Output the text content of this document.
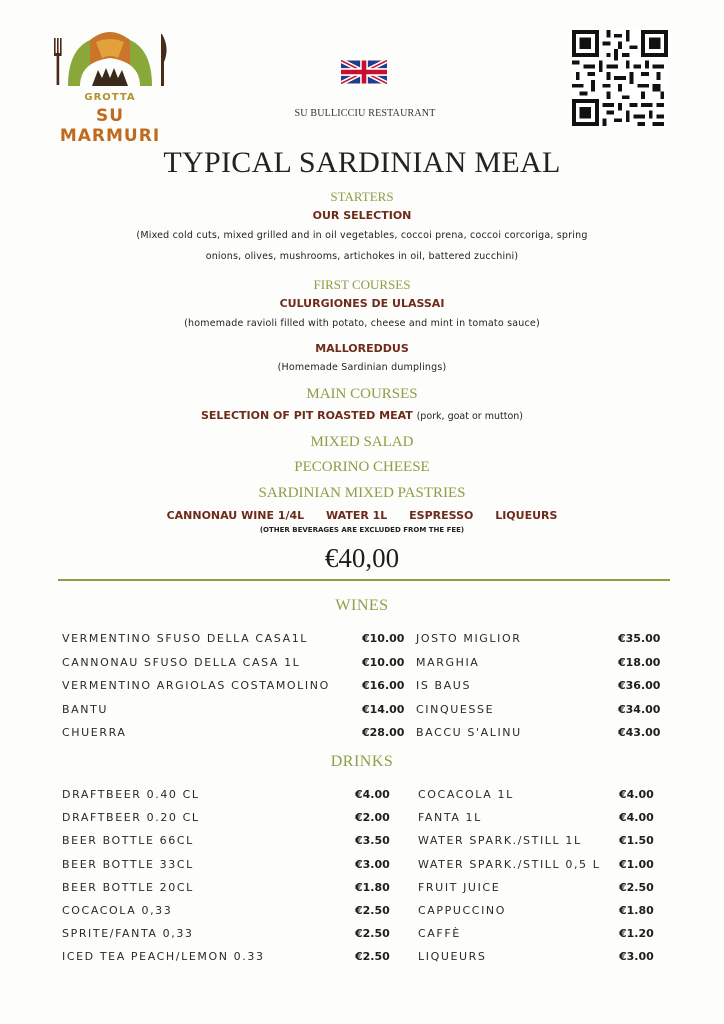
GROTTA
SU MARMURI
SU BULLICCIU RESTAURANT
TYPICAL SARDINIAN MEAL
STARTERS
OUR SELECTION
(Mixed cold cuts, mixed grilled and in oil vegetables, coccoi prena, coccoi corcoriga, spring
onions, olives, mushrooms, artichokes in oil, battered zucchini)
FIRST COURSES
CULURGIONES DE ULASSAI
(homemade ravioli filled with potato, cheese and mint in tomato sauce)
MALLOREDDUS
(Homemade Sardinian dumplings)
MAIN COURSES
SELECTION OF PIT ROASTED MEAT (pork, goat or mutton)
MIXED SALAD
PECORINO CHEESE
SARDINIAN MIXED PASTRIES
CANNONAU WINE 1/4L WATER 1L ESPRESSO LIQUEURS
(OTHER BEVERAGES ARE EXCLUDED FROM THE FEE)
€40,00
WINES
DRINKS
VERMENTINO SFUSO DELLA CASA1L	€10.00
CANNONAU SFUSO DELLA CASA 1L	€10.00
VERMENTINO ARGIOLAS COSTAMOLINO	€16.00
BANTU	€14.00
CHUERRA	€28.00
JOSTO MIGLIOR	€35.00
MARGHIA	€18.00
IS BAUS	€36.00
CINQUESSE	€34.00
BACCU S'ALINU	€43.00
DRAFTBEER 0.40 CL	€4.00
DRAFTBEER 0.20 CL	€2.00
BEER BOTTLE 66CL	€3.50
BEER BOTTLE 33CL	€3.00
BEER BOTTLE 20CL	€1.80
COCACOLA 0,33	€2.50
SPRITE/FANTA 0,33	€2.50
ICED TEA PEACH/LEMON 0.33	€2.50
COCACOLA 1L	€4.00
FANTA 1L	€4.00
WATER SPARK./STILL 1L	€1.50
WATER SPARK./STILL 0,5 L €1.00
FRUIT JUICE	€2.50
CAPPUCCINO	€1.80
CAFFÈ	€1.20
LIQUEURS	€3.00
